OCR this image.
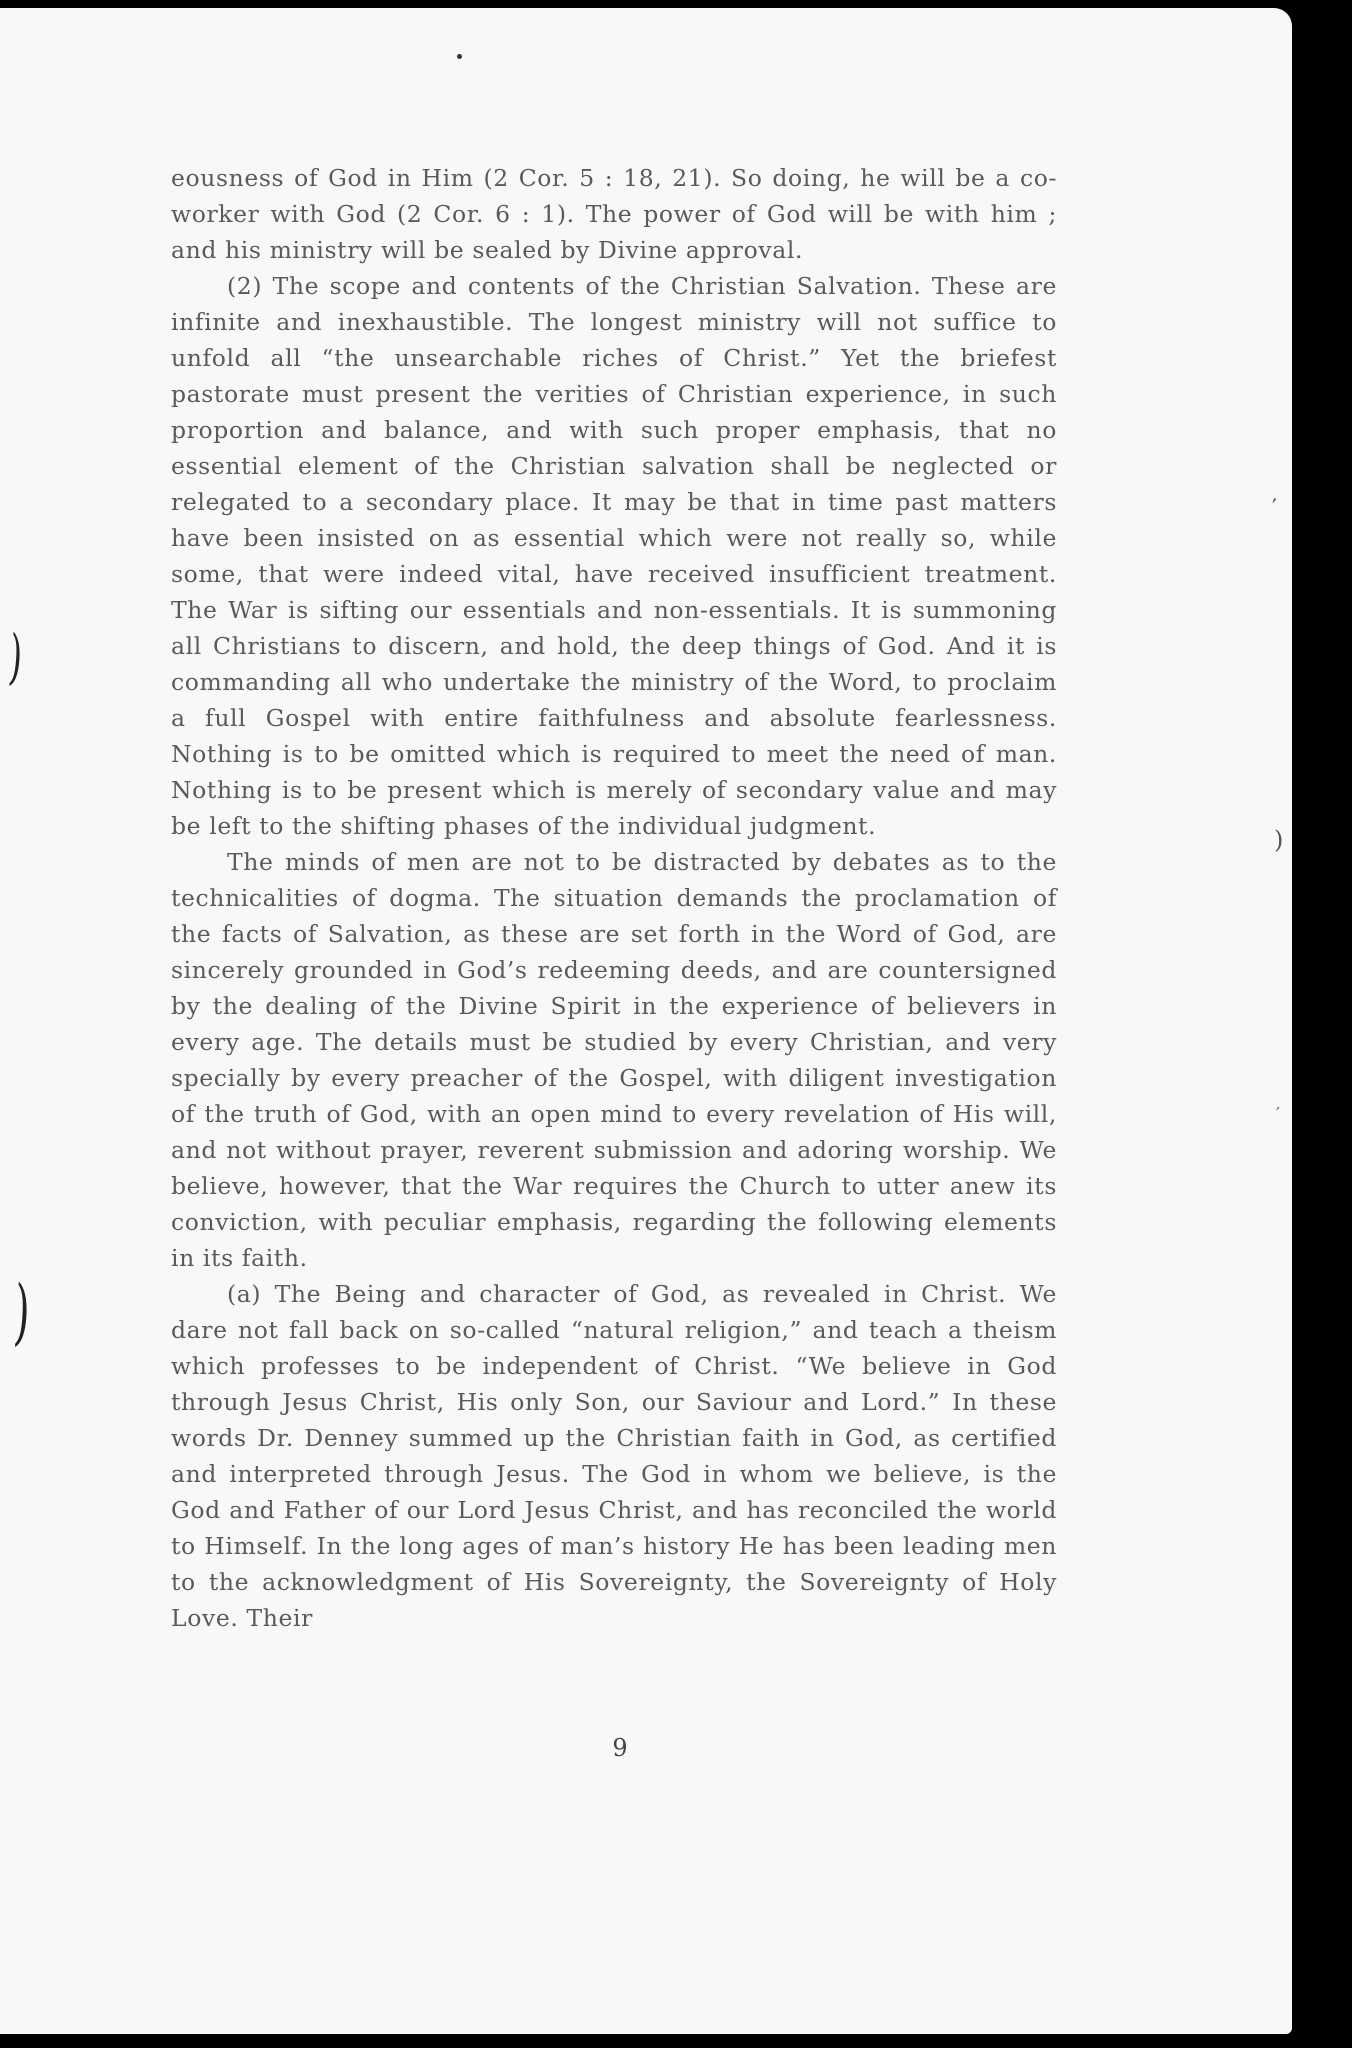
eousness of God in Him (2 Cor. 5 : 18, 21). So doing, he will be a co-worker with God (2 Cor. 6 : 1). The power of God will be with him ; and his ministry will be sealed by Divine approval.

(2) The scope and contents of the Christian Salvation. These are infinite and inexhaustible. The longest ministry will not suffice to unfold all “the unsearchable riches of Christ.” Yet the briefest pastorate must present the verities of Christian experience, in such proportion and balance, and with such proper emphasis, that no essential element of the Christian salvation shall be neglected or relegated to a secondary place. It may be that in time past matters have been insisted on as essential which were not really so, while some, that were indeed vital, have received insufficient treatment. The War is sifting our essentials and non-essentials. It is summoning all Christians to discern, and hold, the deep things of God. And it is commanding all who undertake the ministry of the Word, to proclaim a full Gospel with entire faithfulness and absolute fearlessness. Nothing is to be omitted which is required to meet the need of man. Nothing is to be present which is merely of secondary value and may be left to the shifting phases of the individual judgment.

The minds of men are not to be distracted by debates as to the technicalities of dogma. The situation demands the proclamation of the facts of Salvation, as these are set forth in the Word of God, are sincerely grounded in God’s redeeming deeds, and are countersigned by the dealing of the Divine Spirit in the experience of believers in every age. The details must be studied by every Christian, and very specially by every preacher of the Gospel, with diligent investigation of the truth of God, with an open mind to every revelation of His will, and not without prayer, reverent submission and adoring worship. We believe, however, that the War requires the Church to utter anew its conviction, with peculiar emphasis, regarding the following elements in its faith.

(a) The Being and character of God, as revealed in Christ. We dare not fall back on so-called “natural religion,” and teach a theism which professes to be independent of Christ. “We believe in God through Jesus Christ, His only Son, our Saviour and Lord.” In these words Dr. Denney summed up the Christian faith in God, as certified and interpreted through Jesus. The God in whom we believe, is the God and Father of our Lord Jesus Christ, and has reconciled the world to Himself. In the long ages of man’s history He has been leading men to the acknowledgment of His Sovereignty, the Sovereignty of Holy Love. Their

9
)
)
′
)
′
